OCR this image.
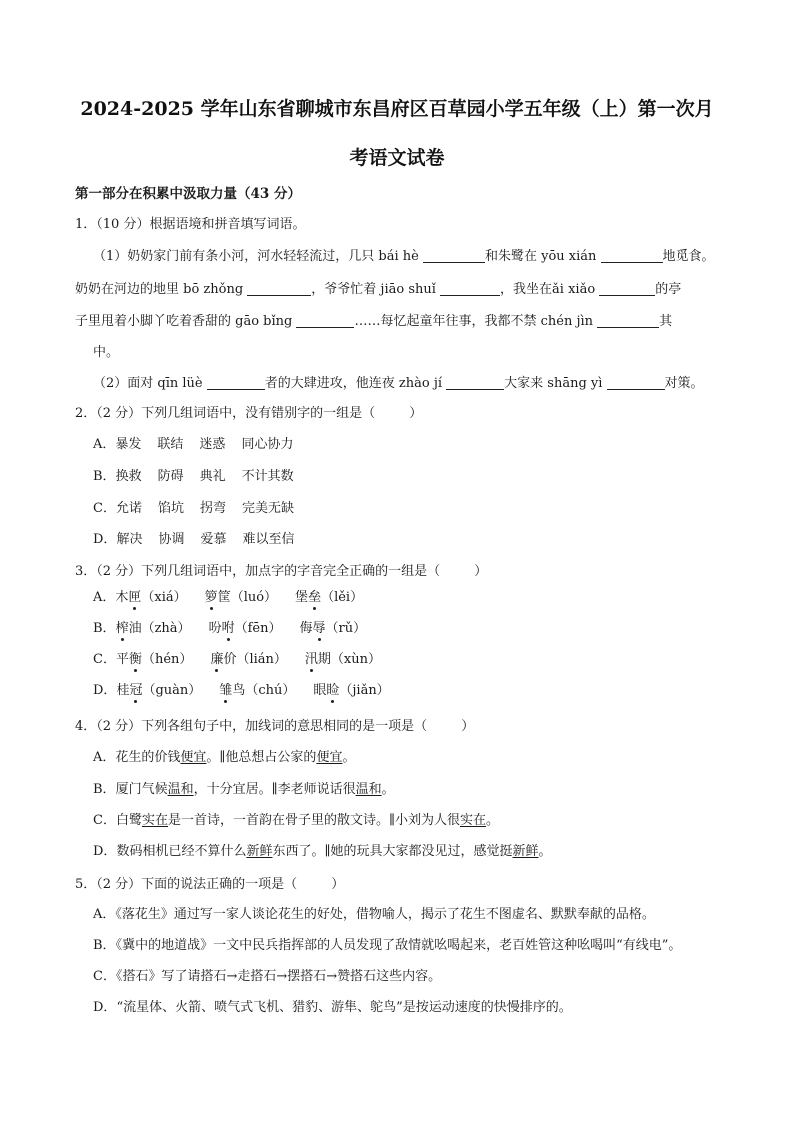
2024-2025 学年山东省聊城市东昌府区百草园小学五年级（上）第一次月
考语文试卷
第一部分在积累中汲取力量（43 分）
1．（10 分）根据语境和拼音填写词语。
（1）奶奶家门前有条小河，河水轻轻流过，几只 bái hè	和朱鹭在 yōu xián	地觅食。
奶奶在河边的地里 bō zhǒng	，爷爷忙着 jiāo shuǐ	，我坐在ǎi xiǎo	的亭
子里甩着小脚丫吃着香甜的 gāo bǐng	……每忆起童年往事，我都不禁 chén jìn	其
中。
（2）面对 qīn lüè	者的大肆进攻，他连夜 zhào jí	大家来 shāng yì	对策。
2．（2 分）下列几组词语中，没有错别字的一组是（	）
A．暴发 联结 迷惑 同心协力
B．换救 防碍 典礼 不计其数
C．允诺 馅坑 拐弯 完美无缺
D．解决 协调 爱慕 难以至信
3．（2 分）下列几组词语中，加点字的字音完全正确的一组是（	）
A．木匣（xiá） 箩筐（luó） 堡垒（lěi）
B．榨油（zhà） 吩咐（fēn） 侮辱（rǔ）
C．平衡（hén） 廉价（lián） 汛期（xùn）
D．桂冠（guàn） 雏鸟（chú） 眼睑（jiǎn）
4．（2 分）下列各组句子中，加线词的意思相同的是一项是（	）
A．花生的价钱便宜。∥他总想占公家的便宜。
B．厦门气候温和，十分宜居。∥李老师说话很温和。
C．白鹭实在是一首诗，一首韵在骨子里的散文诗。∥小刘为人很实在。
D．数码相机已经不算什么新鲜东西了。∥她的玩具大家都没见过，感觉挺新鲜。
5．（2 分）下面的说法正确的一项是（	）
A．《落花生》通过写一家人谈论花生的好处，借物喻人，揭示了花生不图虚名、默默奉献的品格。
B．《冀中的地道战》一文中民兵指挥部的人员发现了敌情就吆喝起来，老百姓管这种吆喝叫“有线电”。
C．《搭石》写了请搭石→走搭石→摆搭石→赞搭石这些内容。
D．“流星体、火箭、喷气式飞机、猎豹、游隼、鸵鸟”是按运动速度的快慢排序的。
